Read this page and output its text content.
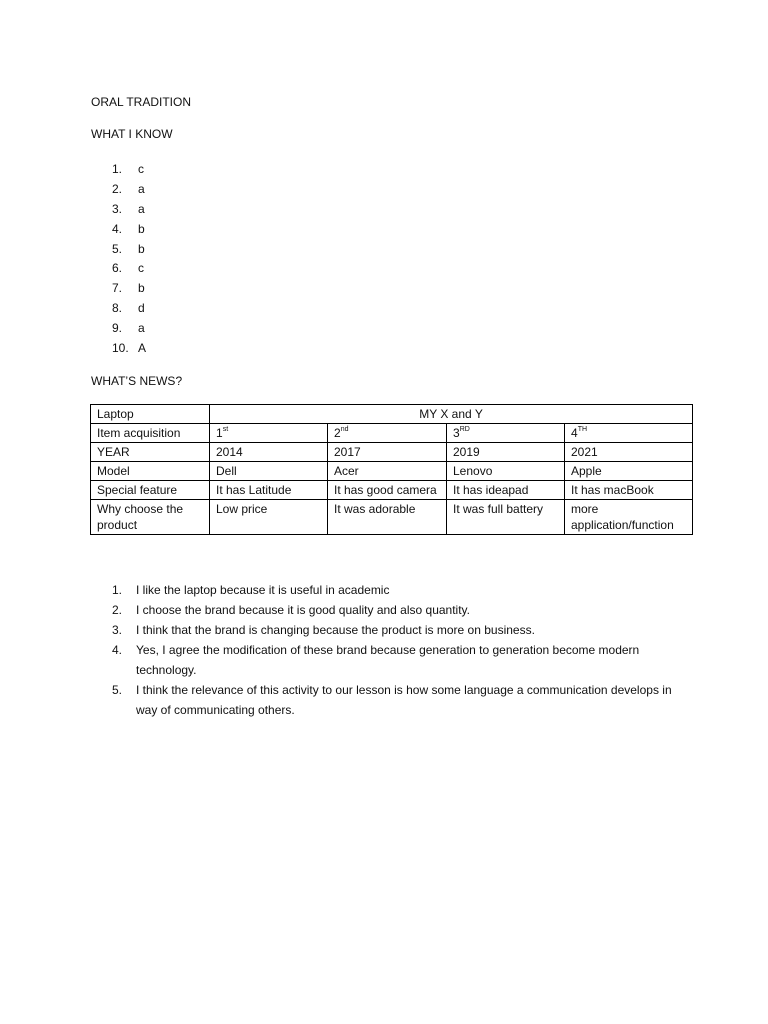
ORAL TRADITION
WHAT I KNOW
1. c
2. a
3. a
4. b
5. b
6. c
7. b
8. d
9. a
10. A
WHAT’S NEWS?
Laptop	MY X and Y			
Item acquisition	1st	2nd	3RD	4TH
YEAR	2014	2017	2019	2021
Model	Dell	Acer	Lenovo	Apple
Special feature	It has Latitude	It has good camera	It has ideapad	It has macBook
Why choose the product	Low price	It was adorable	It was full battery	more application/function
1. I like the laptop because it is useful in academic
2. I choose the brand because it is good quality and also quantity.
3. I think that the brand is changing because the product is more on business.
4. Yes, I agree the modification of these brand because generation to generation become modern technology.
5. I think the relevance of this activity to our lesson is how some language a communication develops in way of communicating others.
